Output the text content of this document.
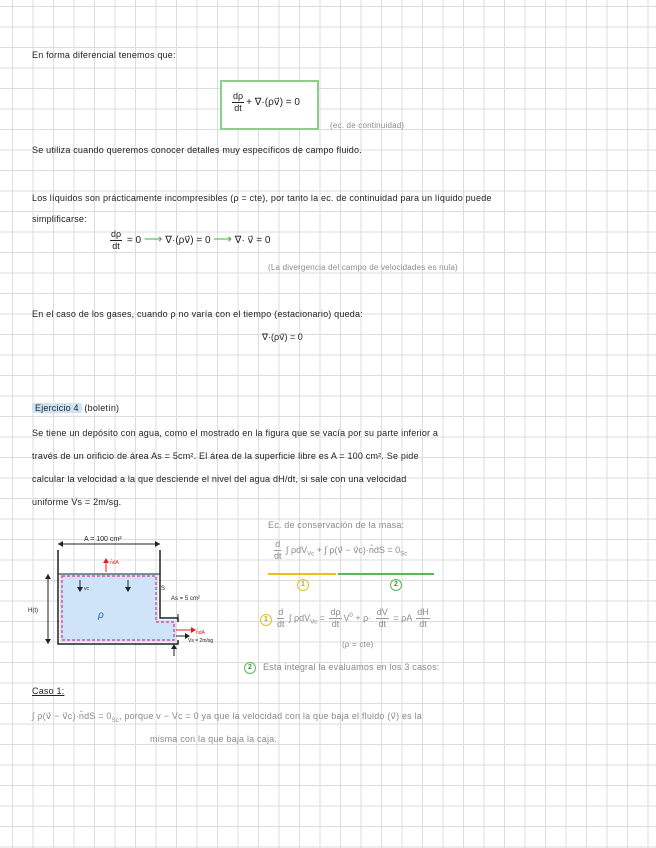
En forma diferencial tenemos que:
$\frac{d\rho}{dt}$ + ∇·(ρv⃗) = 0
(ec. de continuidad)
Se utiliza cuando queremos conocer detalles muy específicos de campo fluido.
Los líquidos son prácticamente incompresibles (ρ = cte), por tanto la ec. de continuidad para un líquido puede
simplificarse:
$\frac{d\rho}{dt} = 0$ ⟶ ∇·(ρv⃗) = 0 ⟶ ∇· v⃗ = 0
(La divergencia del campo de velocidades es nula)
En el caso de los gases, cuando ρ no varía con el tiempo (estacionario) queda:
∇·(ρv⃗) = 0
Ejercicio 4 (boletín)
Se tiene un depósito con agua, como el mostrado en la figura que se vacía por su parte inferior a
través de un orificio de área As = 5cm². El área de la superficie libre es A = 100 cm². Se pide
calcular la velocidad a la que desciende el nivel del agua dH/dt, si sale con una velocidad
uniforme Vs = 2m/sg.
A = 100 cm²
n̂dA
vc
ρ
H(t)
S
As = 5 cm²
n̂dA
Vs = 2m/sg
Ec. de conservación de la masa:
$\frac{d}{dt}$ ∫ ρdV$_{Vc}$ + ∫ ρ(v⃗ − v⃗c)·n̂dS = $0_{Sc}$
1	2
1	$\frac{d}{dt}$ ∫ $\rho dV_{Vc} = \frac{d\rho}{dt} V^0 + \rho\cdot \frac{dV}{dt} = \rho A \frac{dH}{dt}$
(ρ = cte)
2	Esta integral la evaluamos en los 3 casos:
Caso 1:
∫ ρ(v⃗ − v⃗c)·n̂dS = $0_{Sc}$, porque v − Vc = 0 ya que la velocidad con la que baja el fluido (v⃗) es la
misma con la que baja la caja.
